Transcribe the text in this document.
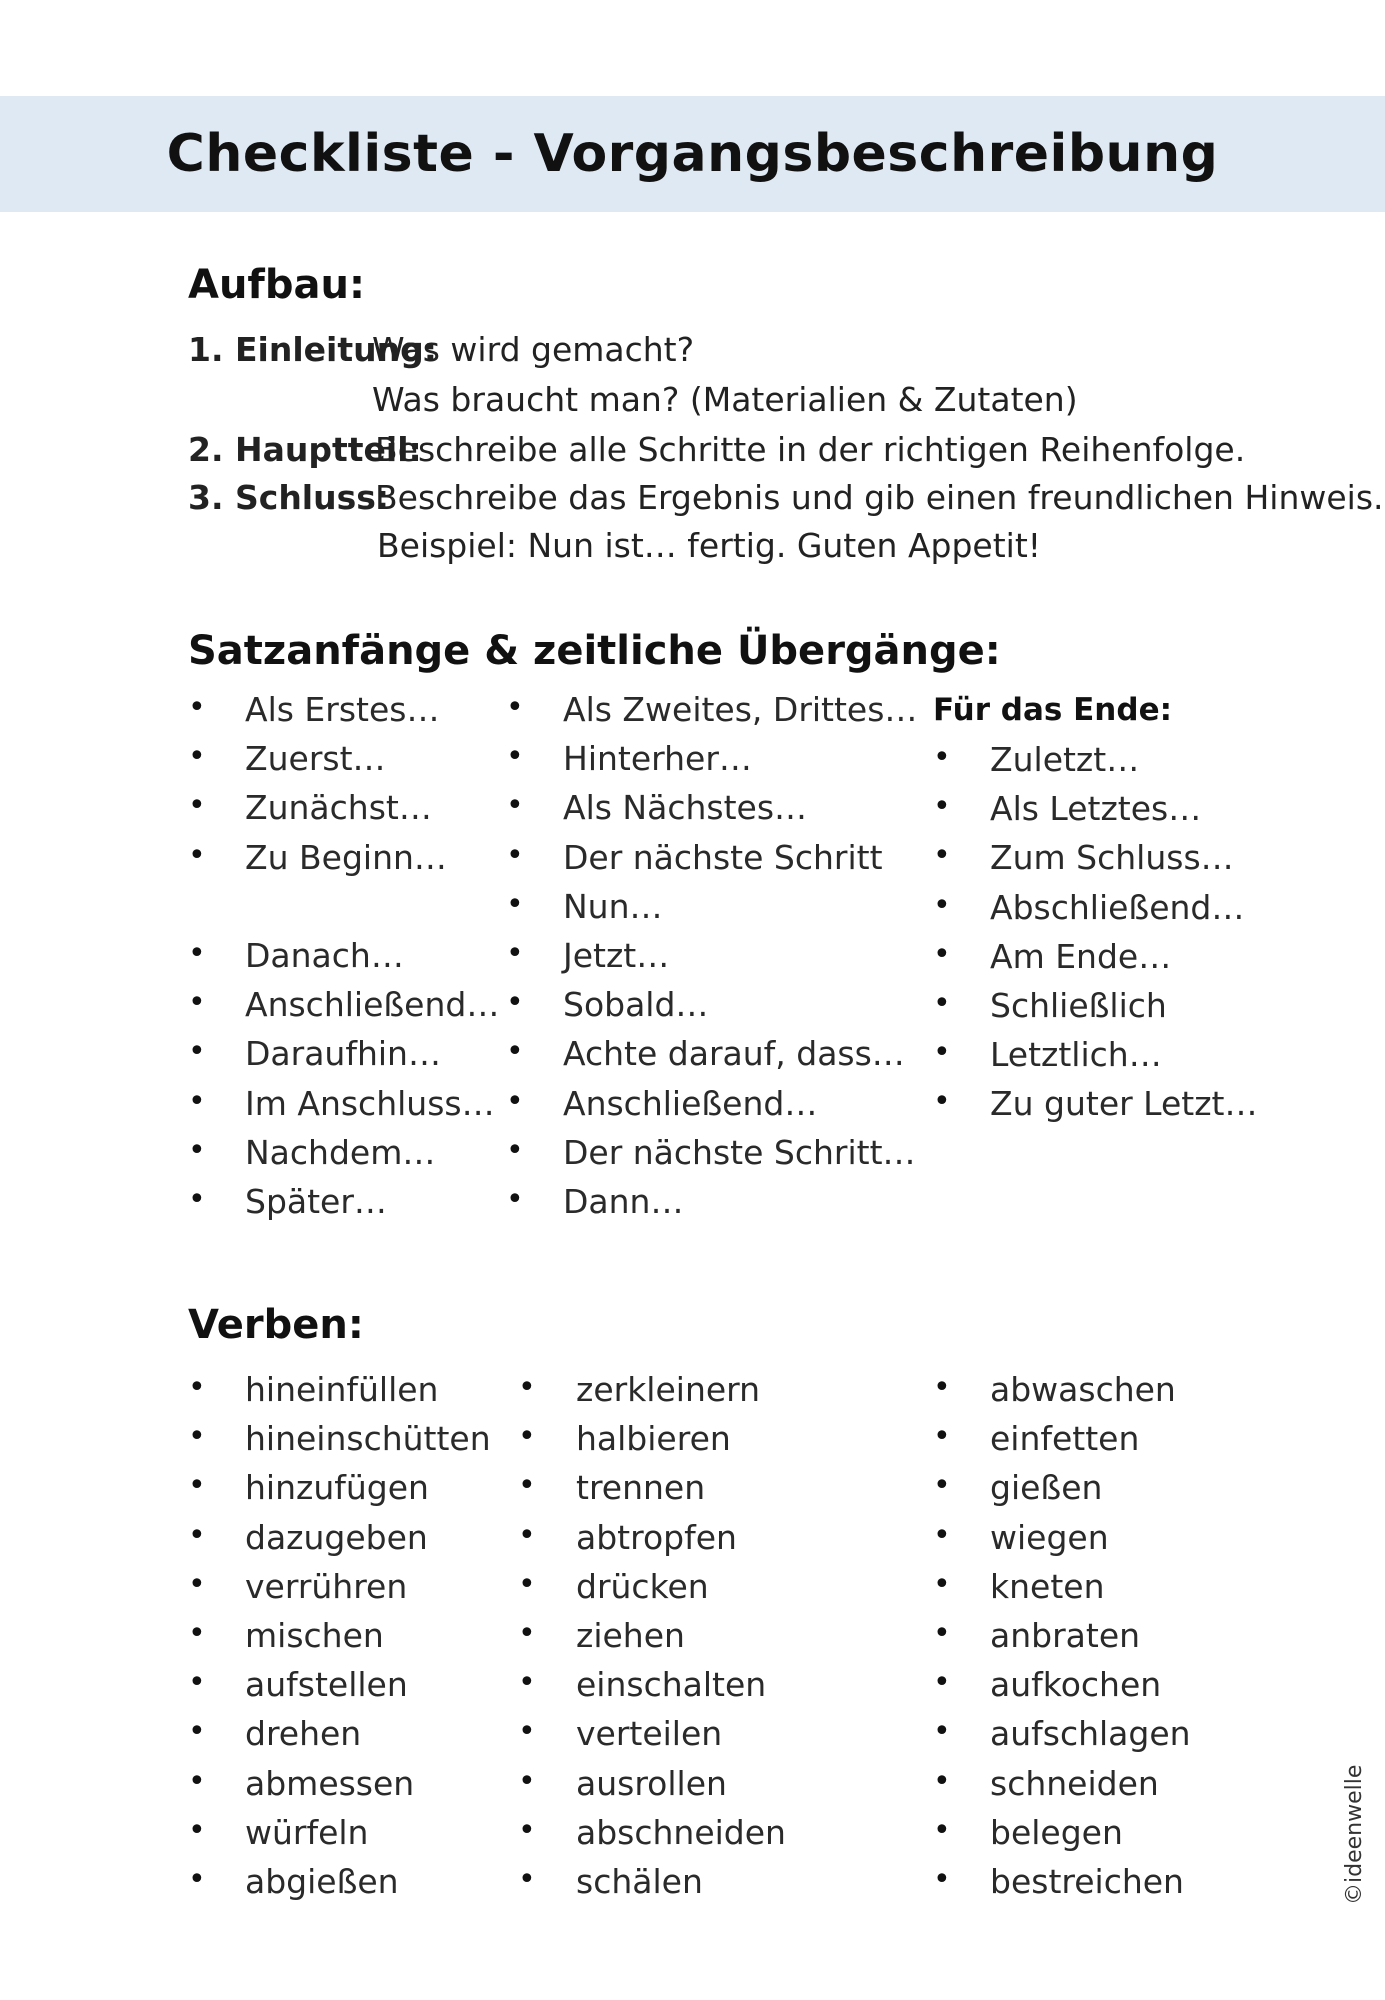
Checkliste - Vorgangsbeschreibung
Aufbau:
1. Einleitung:
Was wird gemacht?
Was braucht man? (Materialien & Zutaten)
2. Hauptteil:
Beschreibe alle Schritte in der richtigen Reihenfolge.
3. Schluss:
Beschreibe das Ergebnis und gib einen freundlichen Hinweis.
Beispiel: Nun ist… fertig. Guten Appetit!
Satzanfänge & zeitliche Übergänge:
Für das Ende:
• Als Erstes…
• Zuerst…
• Zunächst…
• Zu Beginn…
• Danach…
• Anschließend…
• Daraufhin…
• Im Anschluss…
• Nachdem…
• Später…
• Als Zweites, Drittes…
• Hinterher…
• Als Nächstes…
• Der nächste Schritt
• Nun…
• Jetzt…
• Sobald…
• Achte darauf, dass…
• Anschließend…
• Der nächste Schritt…
• Dann…
• Zuletzt…
• Als Letztes…
• Zum Schluss…
• Abschließend…
• Am Ende…
• Schließlich
• Letztlich…
• Zu guter Letzt…
Verben:
• hineinfüllen
• hineinschütten
• hinzufügen
• dazugeben
• verrühren
• mischen
• aufstellen
• drehen
• abmessen
• würfeln
• abgießen
• zerkleinern
• halbieren
• trennen
• abtropfen
• drücken
• ziehen
• einschalten
• verteilen
• ausrollen
• abschneiden
• schälen
• abwaschen
• einfetten
• gießen
• wiegen
• kneten
• anbraten
• aufkochen
• aufschlagen
• schneiden
• belegen
• bestreichen	©ideenwelle
